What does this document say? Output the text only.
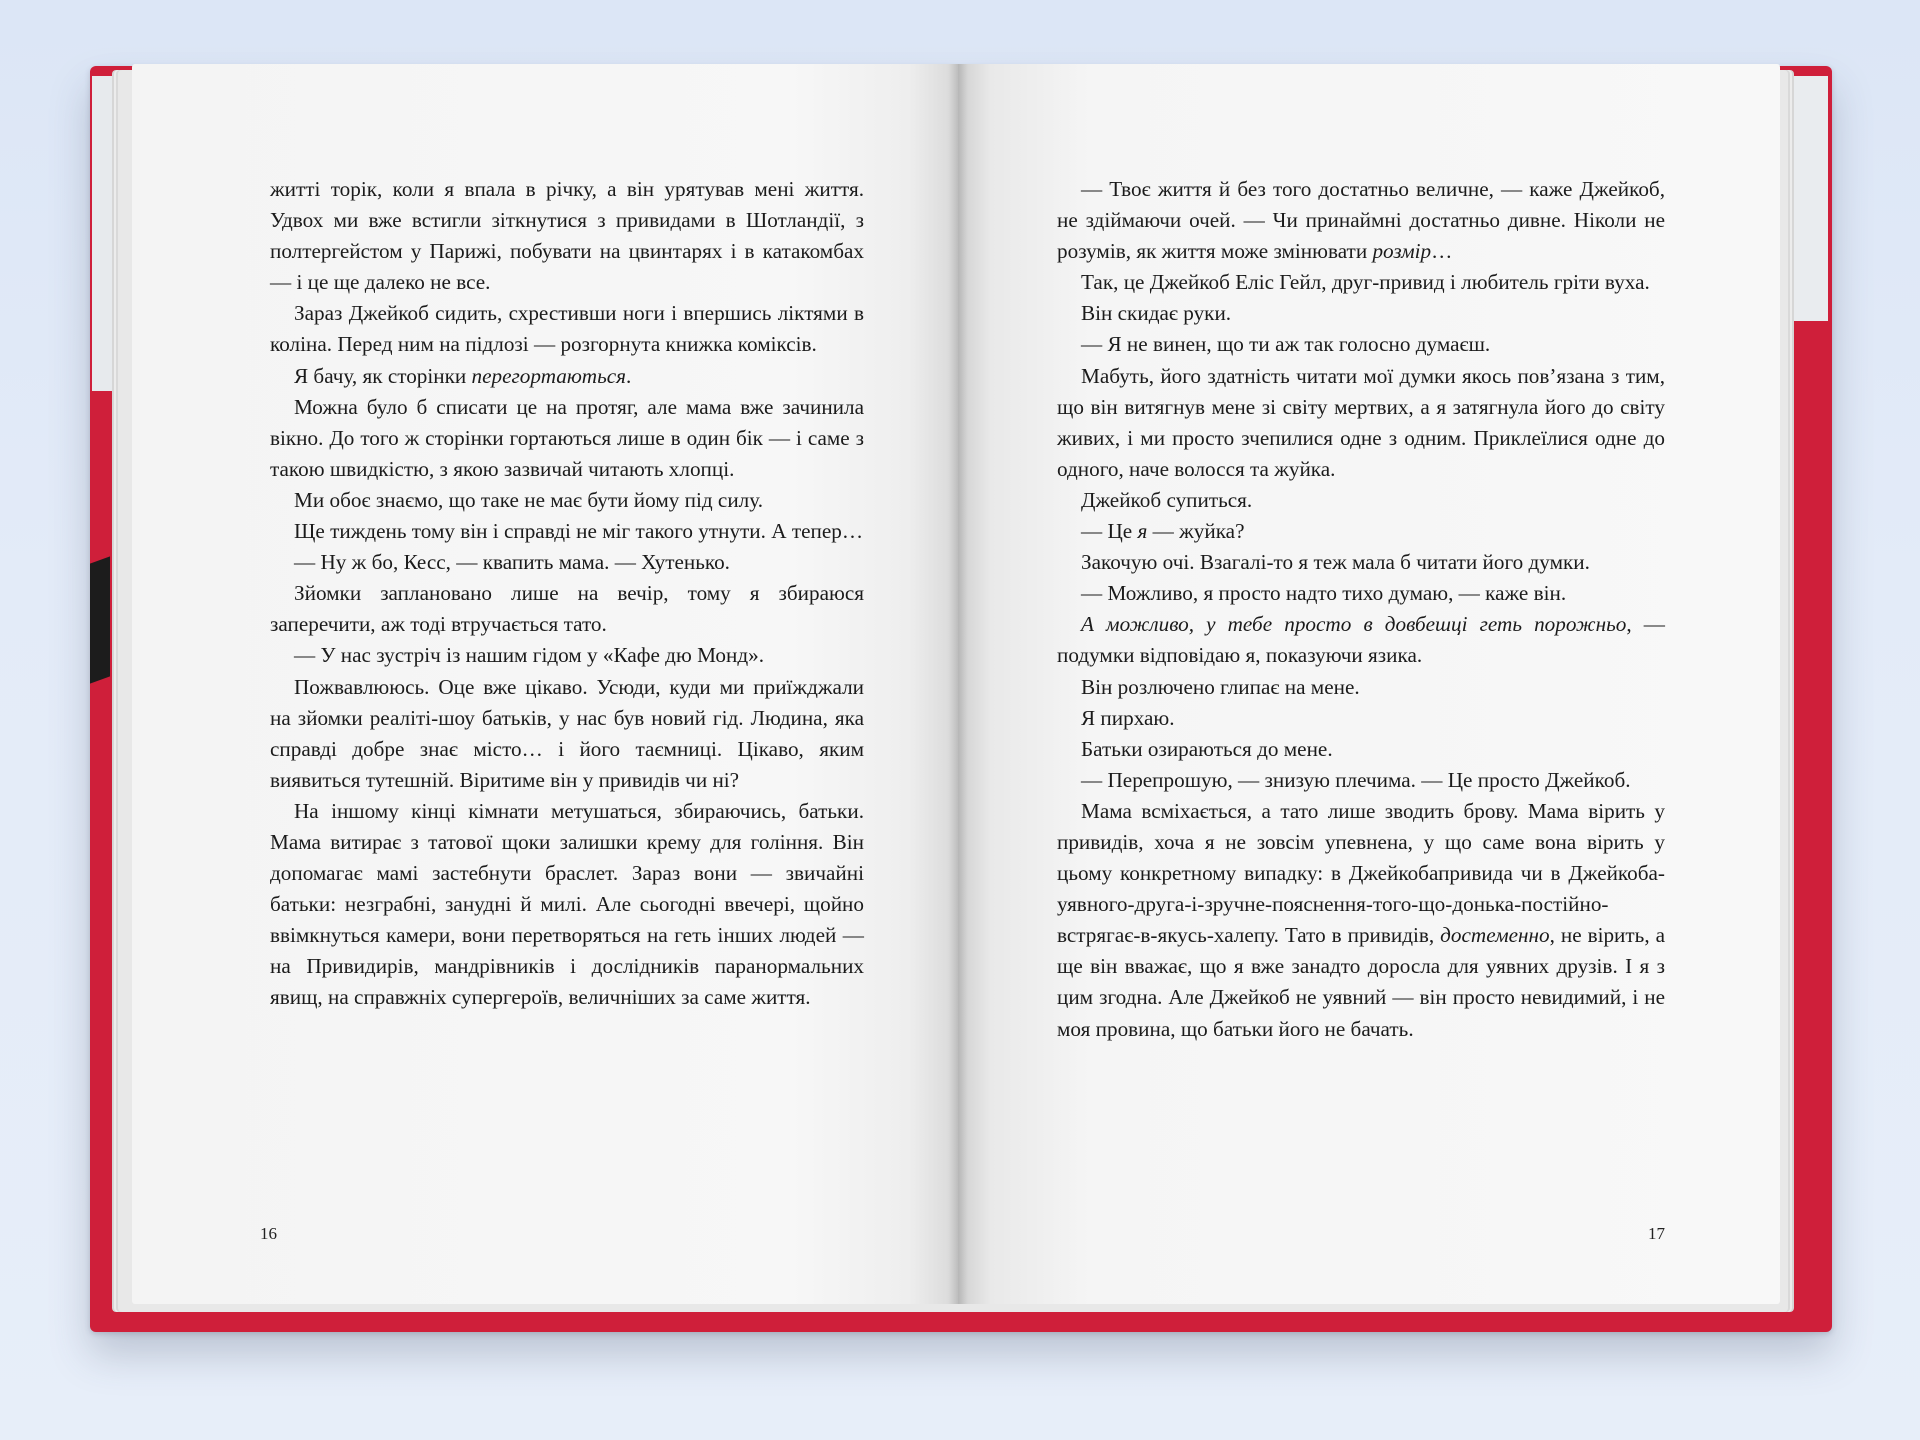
житті торік, коли я впала в річку, а він урятував мені життя. Удвох ми вже встигли зіткнутися з привидами в Шотландії, з полтергейстом у Парижі, побувати на цвинтарях і в катакомбах — і це ще далеко не все.

Зараз Джейкоб сидить, схрестивши ноги і впершись ліктями в коліна. Перед ним на підлозі — розгорнута книжка коміксів.

Я бачу, як сторінки перегортаються.

Можна було б списати це на протяг, але мама вже зачинила вікно. До того ж сторінки гортаються лише в один бік — і саме з такою швидкістю, з якою зазвичай читають хлопці.

Ми обоє знаємо, що таке не має бути йому під силу.

Ще тиждень тому він і справді не міг такого утнути. А тепер…

— Ну ж бо, Кесс, — квапить мама. — Хутенько.

Зйомки заплановано лише на вечір, тому я збираюся заперечити, аж тоді втручається тато.

— У нас зустріч із нашим гідом у «Кафе дю Монд».

Пожвавлююсь. Оце вже цікаво. Усюди, куди ми приїжджали на зйомки реаліті-шоу батьків, у нас був новий гід. Людина, яка справді добре знає місто… і його таємниці. Цікаво, яким виявиться тутешній. Віритиме він у привидів чи ні?

На іншому кінці кімнати метушаться, збираючись, батьки. Мама витирає з татової щоки залишки крему для гоління. Він допомагає мамі застебнути браслет. Зараз вони — звичайні батьки: незграбні, занудні й милі. Але сьогодні ввечері, щойно ввімкнуться камери, вони перетворяться на геть інших людей — на Привидирів, мандрівників і дослідників паранормальних явищ, на справжніх супергероїв, величніших за саме життя.

— Твоє життя й без того достатньо величне, — каже Джейкоб, не здіймаючи очей. — Чи принаймні достатньо дивне. Ніколи не розумів, як життя може змінювати розмір…

Так, це Джейкоб Еліс Гейл, друг-привид і любитель гріти вуха.

Він скидає руки.

— Я не винен, що ти аж так голосно думаєш.

Мабуть, його здатність читати мої думки якось пов’язана з тим, що він витягнув мене зі світу мертвих, а я затягнула його до світу живих, і ми просто зчепилися одне з одним. Приклеїлися одне до одного, наче волосся та жуйка.

Джейкоб супиться.

— Це я — жуйка?

Закочую очі. Взагалі-то я теж мала б читати його думки.

— Можливо, я просто надто тихо думаю, — каже він.

А можливо, у тебе просто в довбешці геть порожньо, — подумки відповідаю я, показуючи язика.

Він розлючено глипає на мене.

Я пирхаю.

Батьки озираються до мене.

— Перепрошую, — знизую плечима. — Це просто Джейкоб.

Мама всміхається, а тато лише зводить брову. Мама вірить у привидів, хоча я не зовсім упевнена, у що саме вона вірить у цьому конкретному випадку: в Джейкобапривида чи в Джейкоба-уявного-друга-і-зручне-пояснення-того-що-донька-постійно-встрягає-в-якусь-халепу. Тато в привидів, достеменно, не вірить, а ще він вважає, що я вже занадто доросла для уявних друзів. І я з цим згодна. Але Джейкоб не уявний — він просто невидимий, і не моя провина, що батьки його не бачать.

16	17
